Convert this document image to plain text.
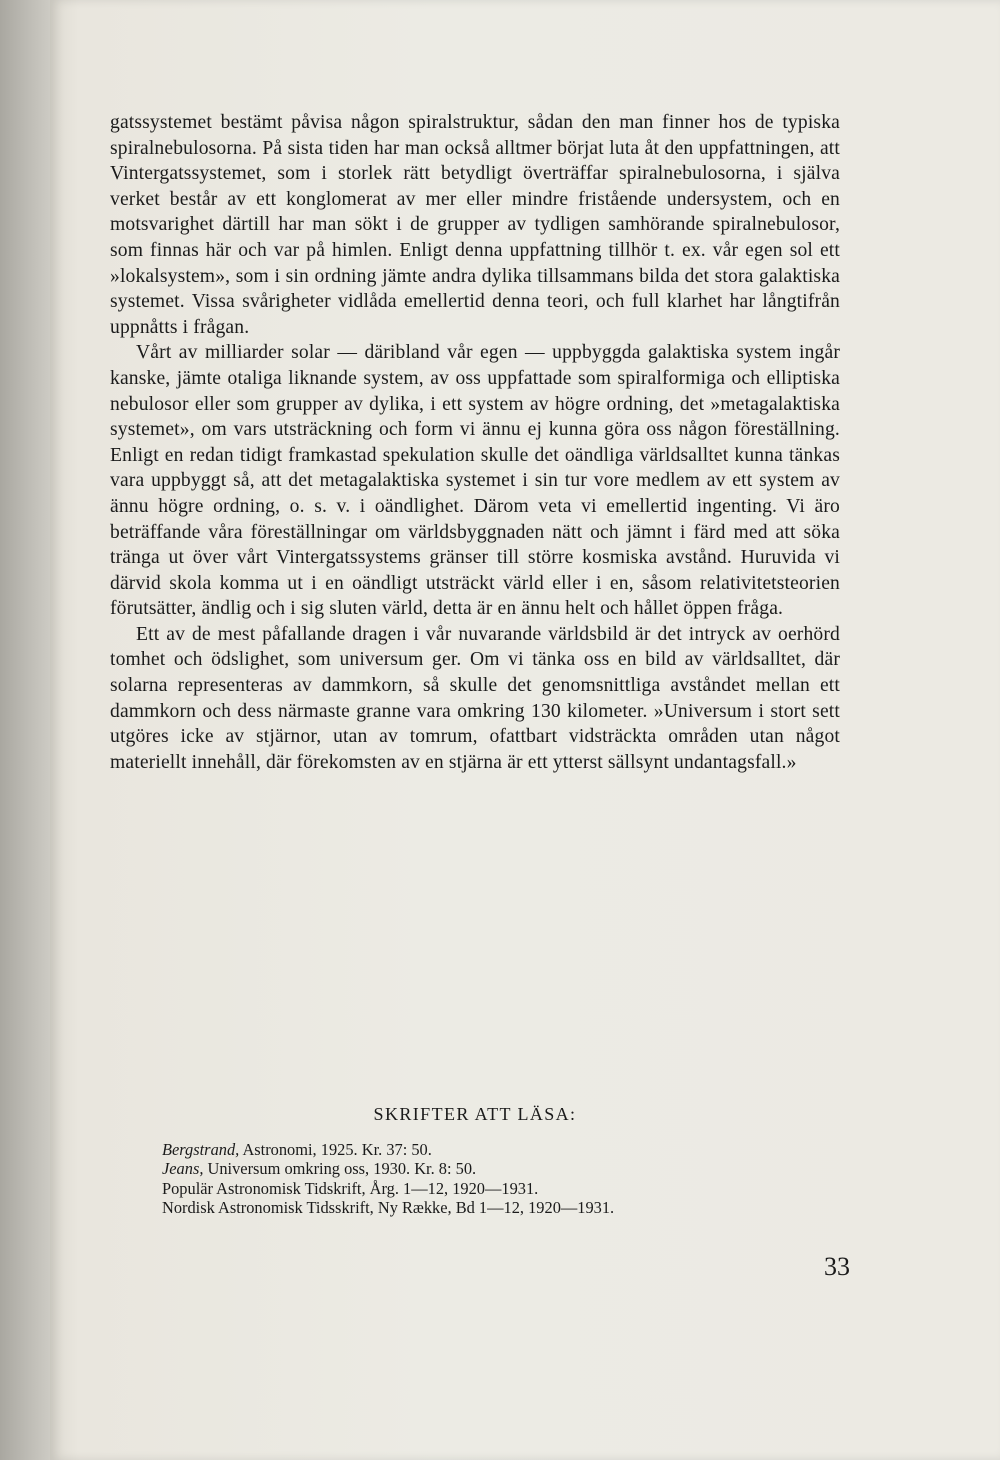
gatssystemet bestämt påvisa någon spiralstruktur, sådan den man finner hos de typiska spiralnebulosorna. På sista tiden har man också alltmer börjat luta åt den uppfattningen, att Vintergatssystemet, som i storlek rätt betydligt överträffar spiralnebulosorna, i själva verket består av ett konglomerat av mer eller mindre fristående undersystem, och en motsvarighet därtill har man sökt i de grupper av tydligen samhörande spiralnebulosor, som finnas här och var på himlen. Enligt denna uppfattning tillhör t. ex. vår egen sol ett »lokalsystem», som i sin ordning jämte andra dylika tillsammans bilda det stora galaktiska systemet. Vissa svårigheter vidlåda emellertid denna teori, och full klarhet har långtifrån uppnåtts i frågan.

Vårt av milliarder solar — däribland vår egen — uppbyggda galaktiska system ingår kanske, jämte otaliga liknande system, av oss uppfattade som spiralformiga och elliptiska nebulosor eller som grupper av dylika, i ett system av högre ordning, det »metagalaktiska systemet», om vars utsträckning och form vi ännu ej kunna göra oss någon föreställning. Enligt en redan tidigt framkastad spekulation skulle det oändliga världsalltet kunna tänkas vara uppbyggt så, att det metagalaktiska systemet i sin tur vore medlem av ett system av ännu högre ordning, o. s. v. i oändlighet. Därom veta vi emellertid ingenting. Vi äro beträffande våra föreställningar om världsbyggnaden nätt och jämnt i färd med att söka tränga ut över vårt Vintergatssystems gränser till större kosmiska avstånd. Huruvida vi därvid skola komma ut i en oändligt utsträckt värld eller i en, såsom relativitetsteorien förutsätter, ändlig och i sig sluten värld, detta är en ännu helt och hållet öppen fråga.

Ett av de mest påfallande dragen i vår nuvarande världsbild är det intryck av oerhörd tomhet och ödslighet, som universum ger. Om vi tänka oss en bild av världsalltet, där solarna representeras av dammkorn, så skulle det genomsnittliga avståndet mellan ett dammkorn och dess närmaste granne vara omkring 130 kilometer. »Universum i stort sett utgöres icke av stjärnor, utan av tomrum, ofattbart vidsträckta områden utan något materiellt innehåll, där förekomsten av en stjärna är ett ytterst sällsynt undantagsfall.»

SKRIFTER ATT LÄSA:
Bergstrand, Astronomi, 1925. Kr. 37: 50.
Jeans, Universum omkring oss, 1930. Kr. 8: 50.
Populär Astronomisk Tidskrift, Årg. 1—12, 1920—1931.
Nordisk Astronomisk Tidsskrift, Ny Række, Bd 1—12, 1920—1931.
33
